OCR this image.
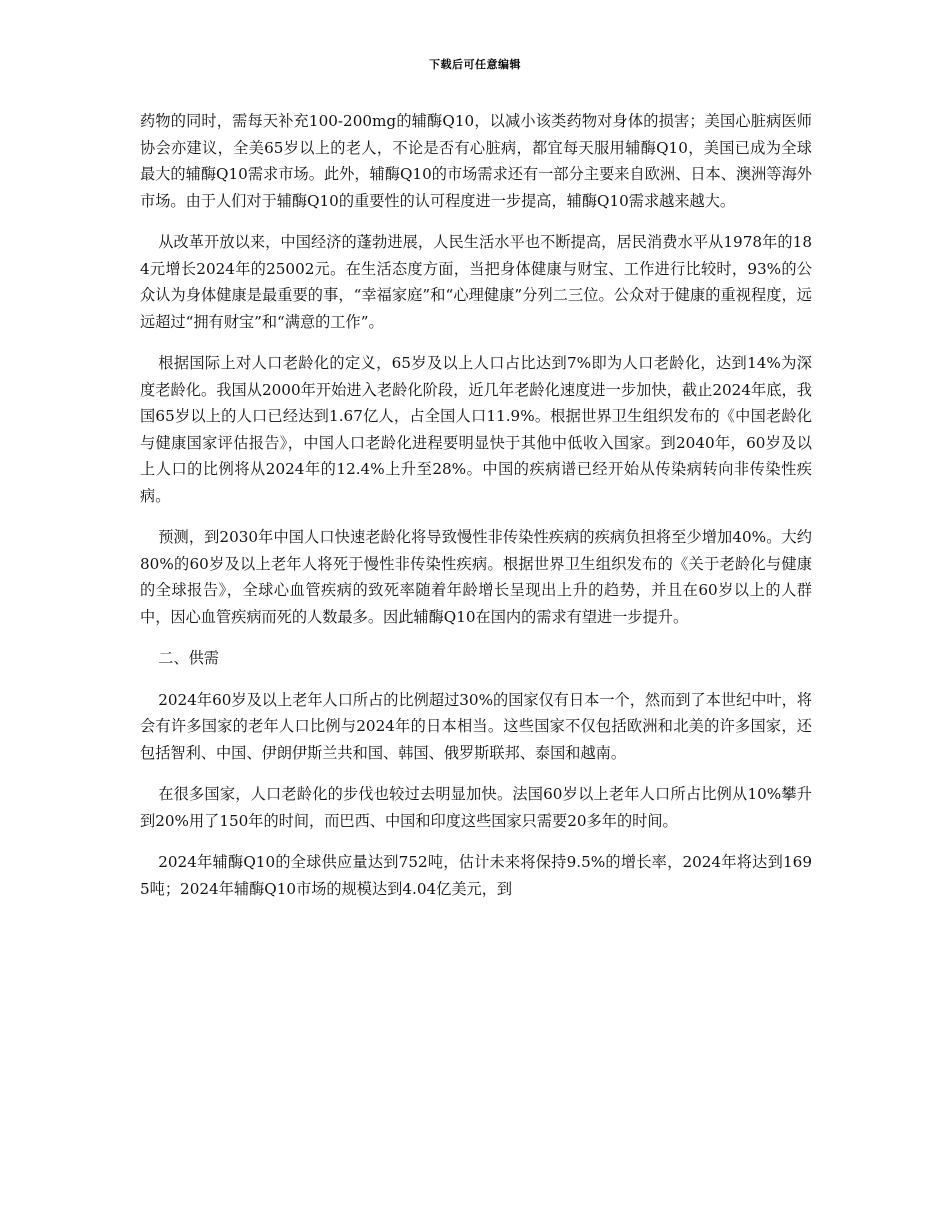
下载后可任意编辑

药物的同时，需每天补充100-200mg的辅酶Q10，以减小该类药物对身体的损害；美国心脏病医师协会亦建议，全美65岁以上的老人，不论是否有心脏病，都宜每天服用辅酶Q10，美国已成为全球最大的辅酶Q10需求市场。此外，辅酶Q10的市场需求还有一部分主要来自欧洲、日本、澳洲等海外市场。由于人们对于辅酶Q10的重要性的认可程度进一步提高，辅酶Q10需求越来越大。

从改革开放以来，中国经济的蓬勃进展，人民生活水平也不断提高，居民消费水平从1978年的184元增长2024年的25002元。在生活态度方面，当把身体健康与财宝、工作进行比较时，93%的公众认为身体健康是最重要的事，“幸福家庭”和“心理健康”分列二三位。公众对于健康的重视程度，远远超过“拥有财宝”和“满意的工作”。

根据国际上对人口老龄化的定义，65岁及以上人口占比达到7%即为人口老龄化，达到14%为深度老龄化。我国从2000年开始进入老龄化阶段，近几年老龄化速度进一步加快，截止2024年底，我国65岁以上的人口已经达到1.67亿人，占全国人口11.9%。根据世界卫生组织发布的《中国老龄化与健康国家评估报告》，中国人口老龄化进程要明显快于其他中低收入国家。到2040年，60岁及以上人口的比例将从2024年的12.4%上升至28%。中国的疾病谱已经开始从传染病转向非传染性疾病。

预测，到2030年中国人口快速老龄化将导致慢性非传染性疾病的疾病负担将至少增加40%。大约80%的60岁及以上老年人将死于慢性非传染性疾病。根据世界卫生组织发布的《关于老龄化与健康的全球报告》，全球心血管疾病的致死率随着年龄增长呈现出上升的趋势，并且在60岁以上的人群中，因心血管疾病而死的人数最多。因此辅酶Q10在国内的需求有望进一步提升。

二、供需

2024年60岁及以上老年人口所占的比例超过30%的国家仅有日本一个，然而到了本世纪中叶，将会有许多国家的老年人口比例与2024年的日本相当。这些国家不仅包括欧洲和北美的许多国家，还包括智利、中国、伊朗伊斯兰共和国、韩国、俄罗斯联邦、泰国和越南。

在很多国家，人口老龄化的步伐也较过去明显加快。法国60岁以上老年人口所占比例从10%攀升到20%用了150年的时间，而巴西、中国和印度这些国家只需要20多年的时间。

2024年辅酶Q10的全球供应量达到752吨，估计未来将保持9.5%的增长率，2024年将达到1695吨；2024年辅酶Q10市场的规模达到4.04亿美元，到
